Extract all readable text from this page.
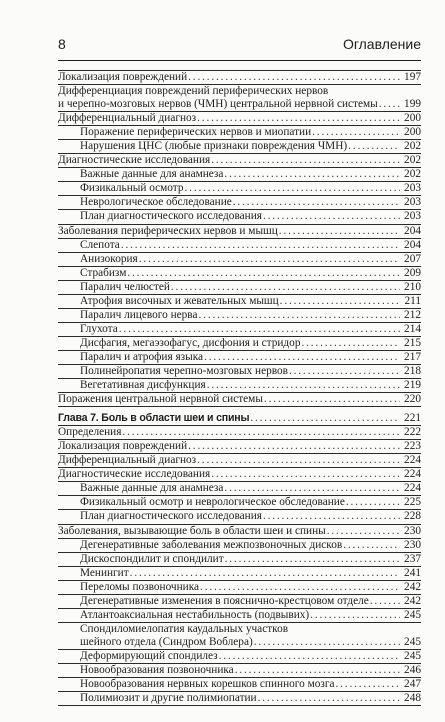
8	Оглавление
Локализация повреждений . . .	197
Дифференциация повреждений периферических нервов
и черепно-мозговых нервов (ЧМН) центральной нервной системы . . . 199
Дифференциальный диагноз . . .	200
Поражение периферических нервов и миопатии . . .	200
Нарушения ЦНС (любые признаки повреждения ЧМН) . . .	202
Диагностические исследования . . .	202
Важные данные для анамнеза . . .	202
Физикальный осмотр . . .	203
Неврологическое обследование . . .	203
План диагностического исследования . . .	203
Заболевания периферических нервов и мышц . . .	204
Слепота . . .	204
Анизокория . . .	207
Страбизм . . .	209
Паралич челюстей . . .	210
Атрофия височных и жевательных мышц . . .	211
Паралич лицевого нерва . . .	212
Глухота . . .	214
Дисфагия, мегаэзофагус, дисфония и стридор . . .	215
Паралич и атрофия языка . . .	217
Полинейропатия черепно-мозговых нервов . . .	218
Вегетативная дисфункция . . .	219
Поражения центральной нервной системы . . .	220
Глава 7. Боль в области шеи и спины . . .	221
Определения . . .	222
Локализация повреждений . . .	223
Дифференциальный диагноз . . .	224
Диагностические исследования . . .	224
Важные данные для анамнеза . . .	224
Физикальный осмотр и неврологическое обследование . . .	225
План диагностического исследования . . .	228
Заболевания, вызывающие боль в области шеи и спины . . .	230
Дегенеративные заболевания межпозвоночных дисков . . .	230
Дискоспондилит и спондилит . . .	237
Менингит . . .	241
Переломы позвоночника . . .	242
Дегенеративные изменения в пояснично-крестцовом отделе . . .	242
Атлантоаксиальная нестабильность (подвывих) . . .	245
Спондиломиелопатия каудальных участков
шейного отдела (Синдром Воблера) . . .	245
Деформирующий спондилез . . .	245
Новообразования позвоночника . . .	246
Новообразования нервных корешков спинного мозга . . .	247
Полимиозит и другие полимиопатии . . .	248
